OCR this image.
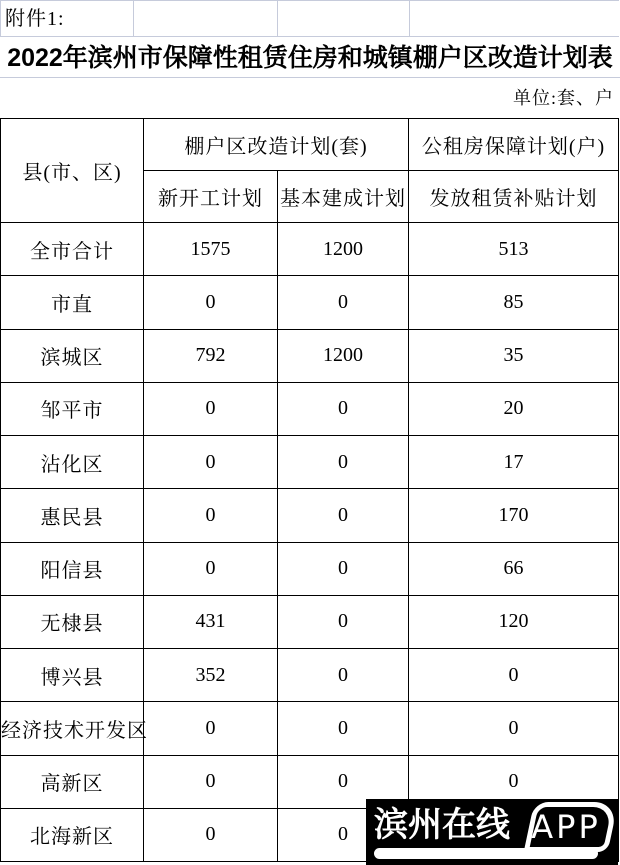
附件1:
2022年滨州市保障性租赁住房和城镇棚户区改造计划表
单位:套、户
县(市、区)	棚户区改造计划(套)		公租房保障计划(户)
	新开工计划	基本建成计划	发放租赁补贴计划
全市合计	1575	1200	513
市直	0	0	85
滨城区	792	1200	35
邹平市	0	0	20
沾化区	0	0	17
惠民县	0	0	170
阳信县	0	0	66
无棣县	431	0	120
博兴县	352	0	0
经济技术开发区	0	0	0
高新区	0	0	0
北海新区	0	0	滨州在线 APP
